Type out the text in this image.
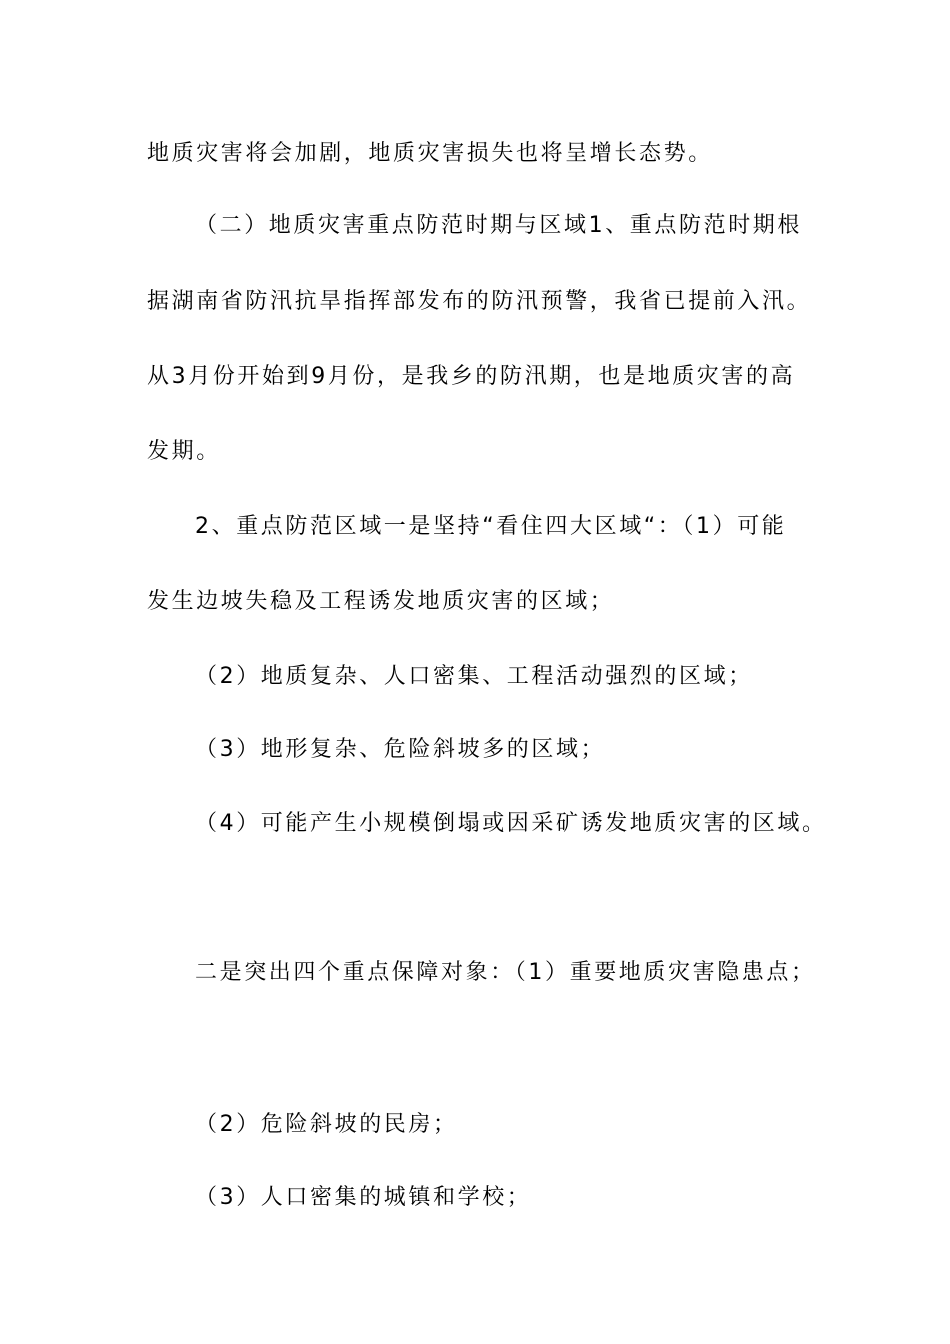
地质灾害将会加剧，地质灾害损失也将呈增长态势。
（二）地质灾害重点防范时期与区域1、重点防范时期根
据湖南省防汛抗旱指挥部发布的防汛预警，我省已提前入汛。
从3月份开始到9月份，是我乡的防汛期，也是地质灾害的高
发期。
2、重点防范区域一是坚持“看住四大区域“：（1）可能
发生边坡失稳及工程诱发地质灾害的区域；
（2）地质复杂、人口密集、工程活动强烈的区域；
（3）地形复杂、危险斜坡多的区域；
（4）可能产生小规模倒塌或因采矿诱发地质灾害的区域。
二是突出四个重点保障对象：（1）重要地质灾害隐患点；
（2）危险斜坡的民房；
（3）人口密集的城镇和学校；
